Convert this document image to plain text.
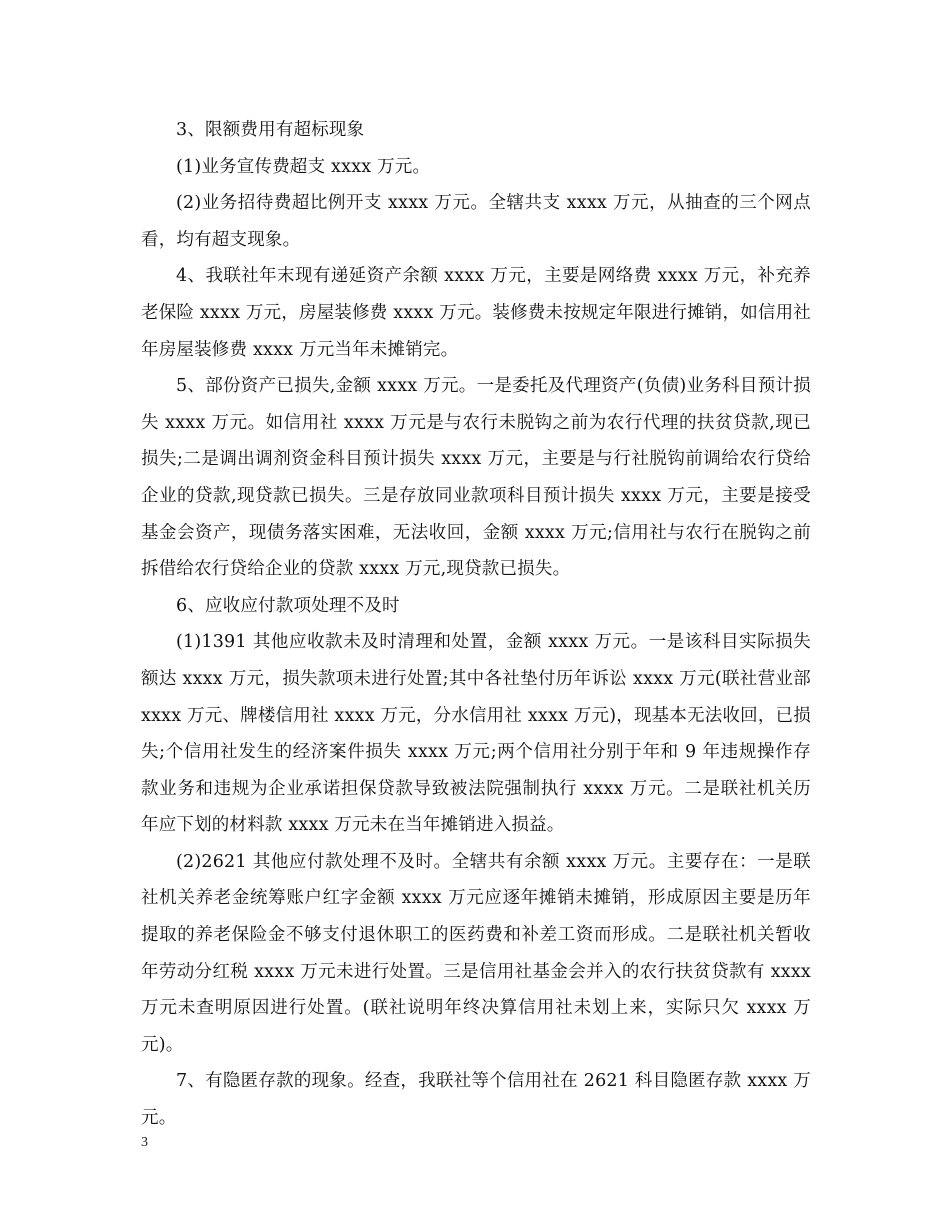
3、限额费用有超标现象

(1)业务宣传费超支 xxxx 万元。

(2)业务招待费超比例开支 xxxx 万元。全辖共支 xxxx 万元，从抽查的三个网点看，均有超支现象。

4、我联社年末现有递延资产余额 xxxx 万元，主要是网络费 xxxx 万元，补充养老保险 xxxx 万元，房屋装修费 xxxx 万元。装修费未按规定年限进行摊销，如信用社年房屋装修费 xxxx 万元当年未摊销完。

5、部份资产已损失,金额 xxxx 万元。一是委托及代理资产(负债)业务科目预计损失 xxxx 万元。如信用社 xxxx 万元是与农行未脱钩之前为农行代理的扶贫贷款,现已损失;二是调出调剂资金科目预计损失 xxxx 万元，主要是与行社脱钩前调给农行贷给企业的贷款,现贷款已损失。三是存放同业款项科目预计损失 xxxx 万元，主要是接受基金会资产，现债务落实困难，无法收回，金额 xxxx 万元;信用社与农行在脱钩之前拆借给农行贷给企业的贷款 xxxx 万元,现贷款已损失。

6、应收应付款项处理不及时

(1)1391 其他应收款未及时清理和处置，金额 xxxx 万元。一是该科目实际损失额达 xxxx 万元，损失款项未进行处置;其中各社垫付历年诉讼 xxxx 万元(联社营业部 xxxx 万元、牌楼信用社 xxxx 万元，分水信用社 xxxx 万元)，现基本无法收回，已损失;个信用社发生的经济案件损失 xxxx 万元;两个信用社分别于年和 9 年违规操作存款业务和违规为企业承诺担保贷款导致被法院强制执行 xxxx 万元。二是联社机关历年应下划的材料款 xxxx 万元未在当年摊销进入损益。

(2)2621 其他应付款处理不及时。全辖共有余额 xxxx 万元。主要存在：一是联社机关养老金统筹账户红字金额 xxxx 万元应逐年摊销未摊销，形成原因主要是历年提取的养老保险金不够支付退休职工的医药费和补差工资而形成。二是联社机关暂收年劳动分红税 xxxx 万元未进行处置。三是信用社基金会并入的农行扶贫贷款有 xxxx 万元未查明原因进行处置。(联社说明年终决算信用社未划上来，实际只欠 xxxx 万元)。

7、有隐匿存款的现象。经查，我联社等个信用社在 2621 科目隐匿存款 xxxx 万元。

3
